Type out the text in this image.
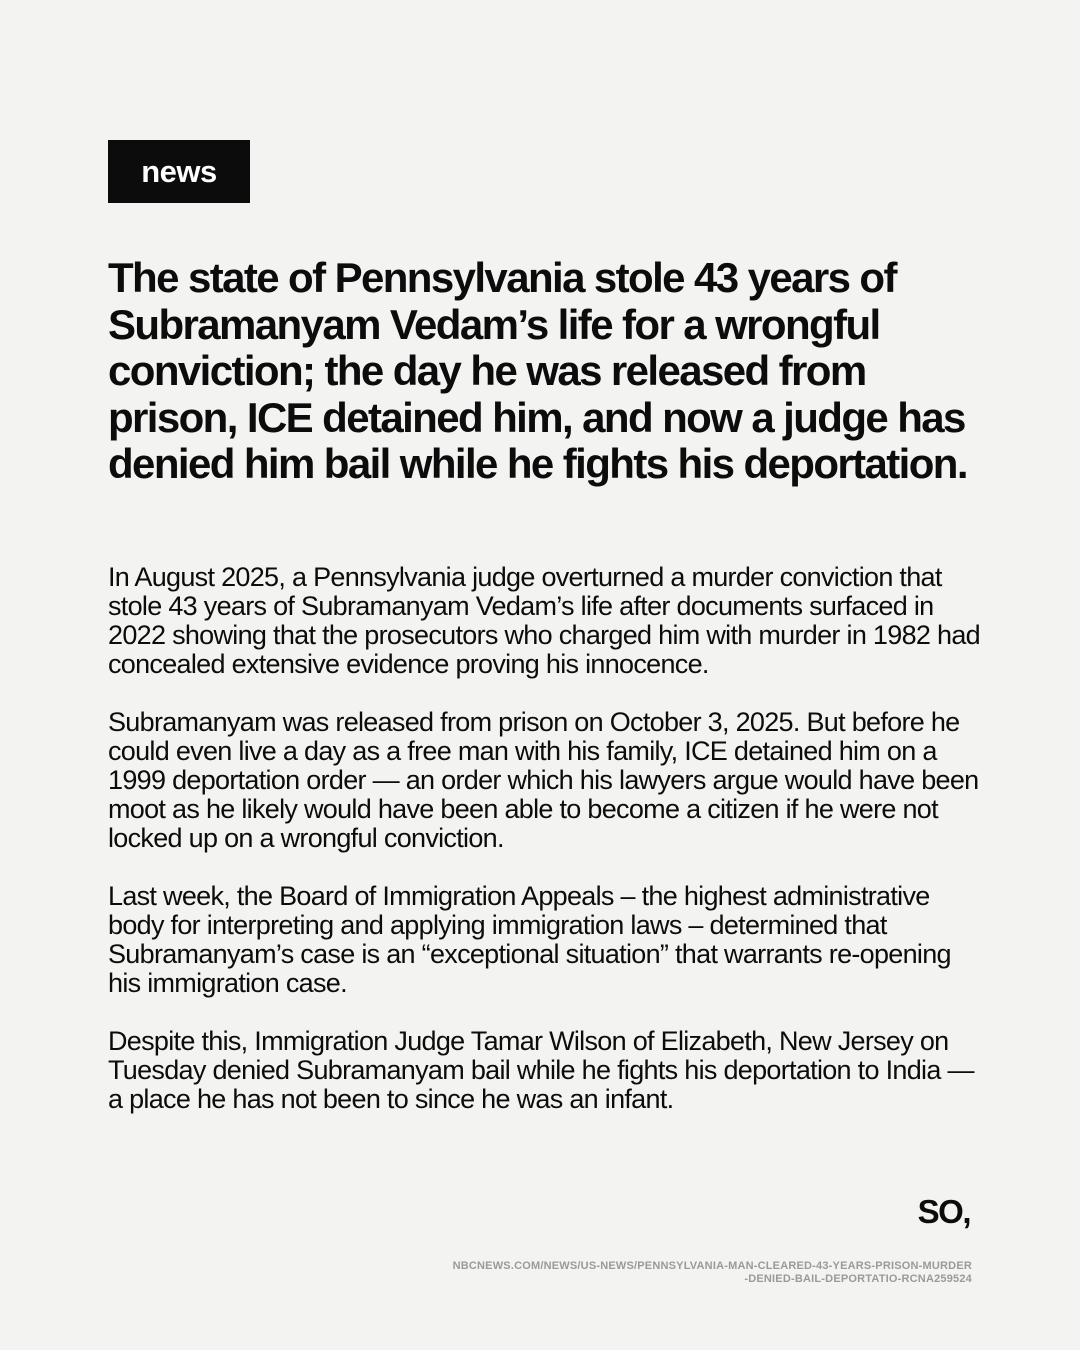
news
The state of Pennsylvania stole 43 years of Subramanyam Vedam’s life for a wrongful conviction; the day he was released from prison, ICE detained him, and now a judge has denied him bail while he fights his deportation.

In August 2025, a Pennsylvania judge overturned a murder conviction that stole 43 years of Subramanyam Vedam’s life after documents surfaced in 2022 showing that the prosecutors who charged him with murder in 1982 had concealed extensive evidence proving his innocence.

Subramanyam was released from prison on October 3, 2025. But before he could even live a day as a free man with his family, ICE detained him on a 1999 deportation order — an order which his lawyers argue would have been moot as he likely would have been able to become a citizen if he were not locked up on a wrongful conviction.

Last week, the Board of Immigration Appeals – the highest administrative body for interpreting and applying immigration laws – determined that Subramanyam’s case is an “exceptional situation” that warrants re-opening his immigration case.

Despite this, Immigration Judge Tamar Wilson of Elizabeth, New Jersey on Tuesday denied Subramanyam bail while he fights his deportation to India — a place he has not been to since he was an infant.

SO,
NBCNEWS.COM/NEWS/US-NEWS/PENNSYLVANIA-MAN-CLEARED-43-YEARS-PRISON-MURDER-DENIED-BAIL-DEPORTATIO-RCNA259524
